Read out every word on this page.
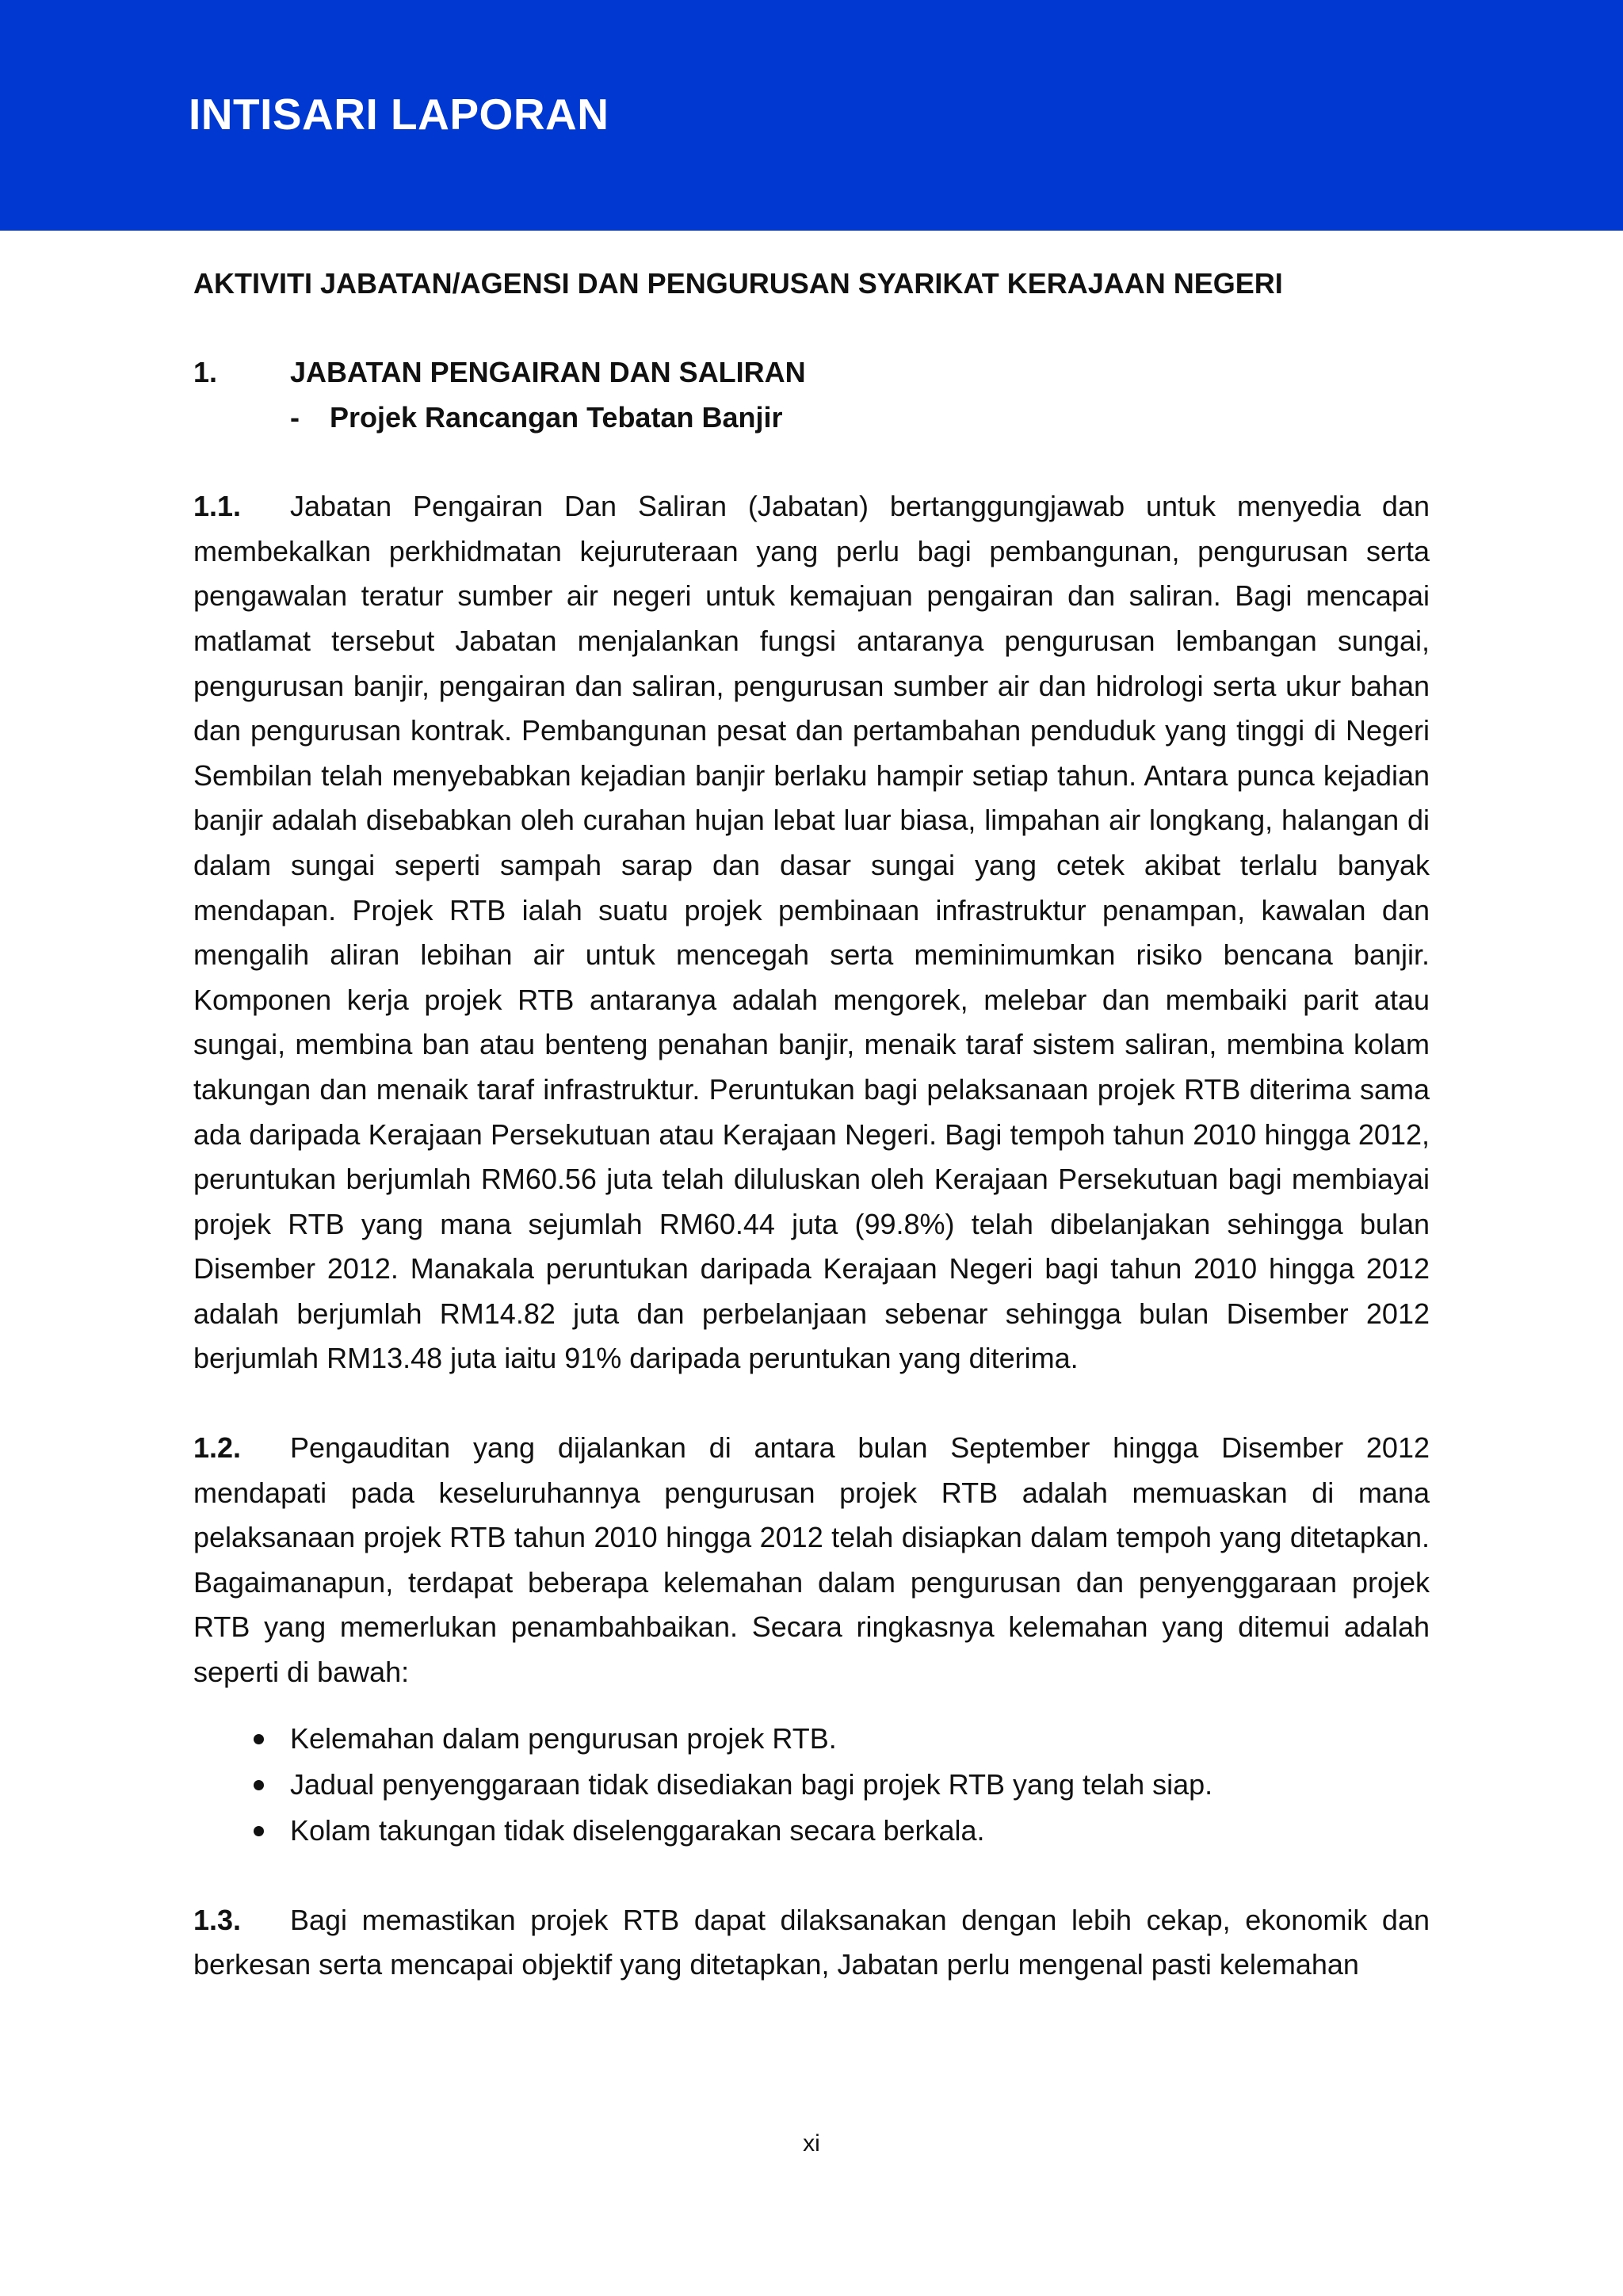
INTISARI LAPORAN

AKTIVITI JABATAN/AGENSI DAN PENGURUSAN SYARIKAT KERAJAAN NEGERI

1.	JABATAN PENGAIRAN DAN SALIRAN
-	Projek Rancangan Tebatan Banjir

1.1. Jabatan Pengairan Dan Saliran (Jabatan) bertanggungjawab untuk menyedia dan membekalkan perkhidmatan kejuruteraan yang perlu bagi pembangunan, pengurusan serta pengawalan teratur sumber air negeri untuk kemajuan pengairan dan saliran. Bagi mencapai matlamat tersebut Jabatan menjalankan fungsi antaranya pengurusan lembangan sungai, pengurusan banjir, pengairan dan saliran, pengurusan sumber air dan hidrologi serta ukur bahan dan pengurusan kontrak. Pembangunan pesat dan pertambahan penduduk yang tinggi di Negeri Sembilan telah menyebabkan kejadian banjir berlaku hampir setiap tahun. Antara punca kejadian banjir adalah disebabkan oleh curahan hujan lebat luar biasa, limpahan air longkang, halangan di dalam sungai seperti sampah sarap dan dasar sungai yang cetek akibat terlalu banyak mendapan. Projek RTB ialah suatu projek pembinaan infrastruktur penampan, kawalan dan mengalih aliran lebihan air untuk mencegah serta meminimumkan risiko bencana banjir. Komponen kerja projek RTB antaranya adalah mengorek, melebar dan membaiki parit atau sungai, membina ban atau benteng penahan banjir, menaik taraf sistem saliran, membina kolam takungan dan menaik taraf infrastruktur. Peruntukan bagi pelaksanaan projek RTB diterima sama ada daripada Kerajaan Persekutuan atau Kerajaan Negeri. Bagi tempoh tahun 2010 hingga 2012, peruntukan berjumlah RM60.56 juta telah diluluskan oleh Kerajaan Persekutuan bagi membiayai projek RTB yang mana sejumlah RM60.44 juta (99.8%) telah dibelanjakan sehingga bulan Disember 2012. Manakala peruntukan daripada Kerajaan Negeri bagi tahun 2010 hingga 2012 adalah berjumlah RM14.82 juta dan perbelanjaan sebenar sehingga bulan Disember 2012 berjumlah RM13.48 juta iaitu 91% daripada peruntukan yang diterima.

1.2. Pengauditan yang dijalankan di antara bulan September hingga Disember 2012 mendapati pada keseluruhannya pengurusan projek RTB adalah memuaskan di mana pelaksanaan projek RTB tahun 2010 hingga 2012 telah disiapkan dalam tempoh yang ditetapkan. Bagaimanapun, terdapat beberapa kelemahan dalam pengurusan dan penyenggaraan projek RTB yang memerlukan penambahbaikan. Secara ringkasnya kelemahan yang ditemui adalah seperti di bawah:

Kelemahan dalam pengurusan projek RTB.
Jadual penyenggaraan tidak disediakan bagi projek RTB yang telah siap.
Kolam takungan tidak diselenggarakan secara berkala.

1.3. Bagi memastikan projek RTB dapat dilaksanakan dengan lebih cekap, ekonomik dan berkesan serta mencapai objektif yang ditetapkan, Jabatan perlu mengenal pasti kelemahan

xi
